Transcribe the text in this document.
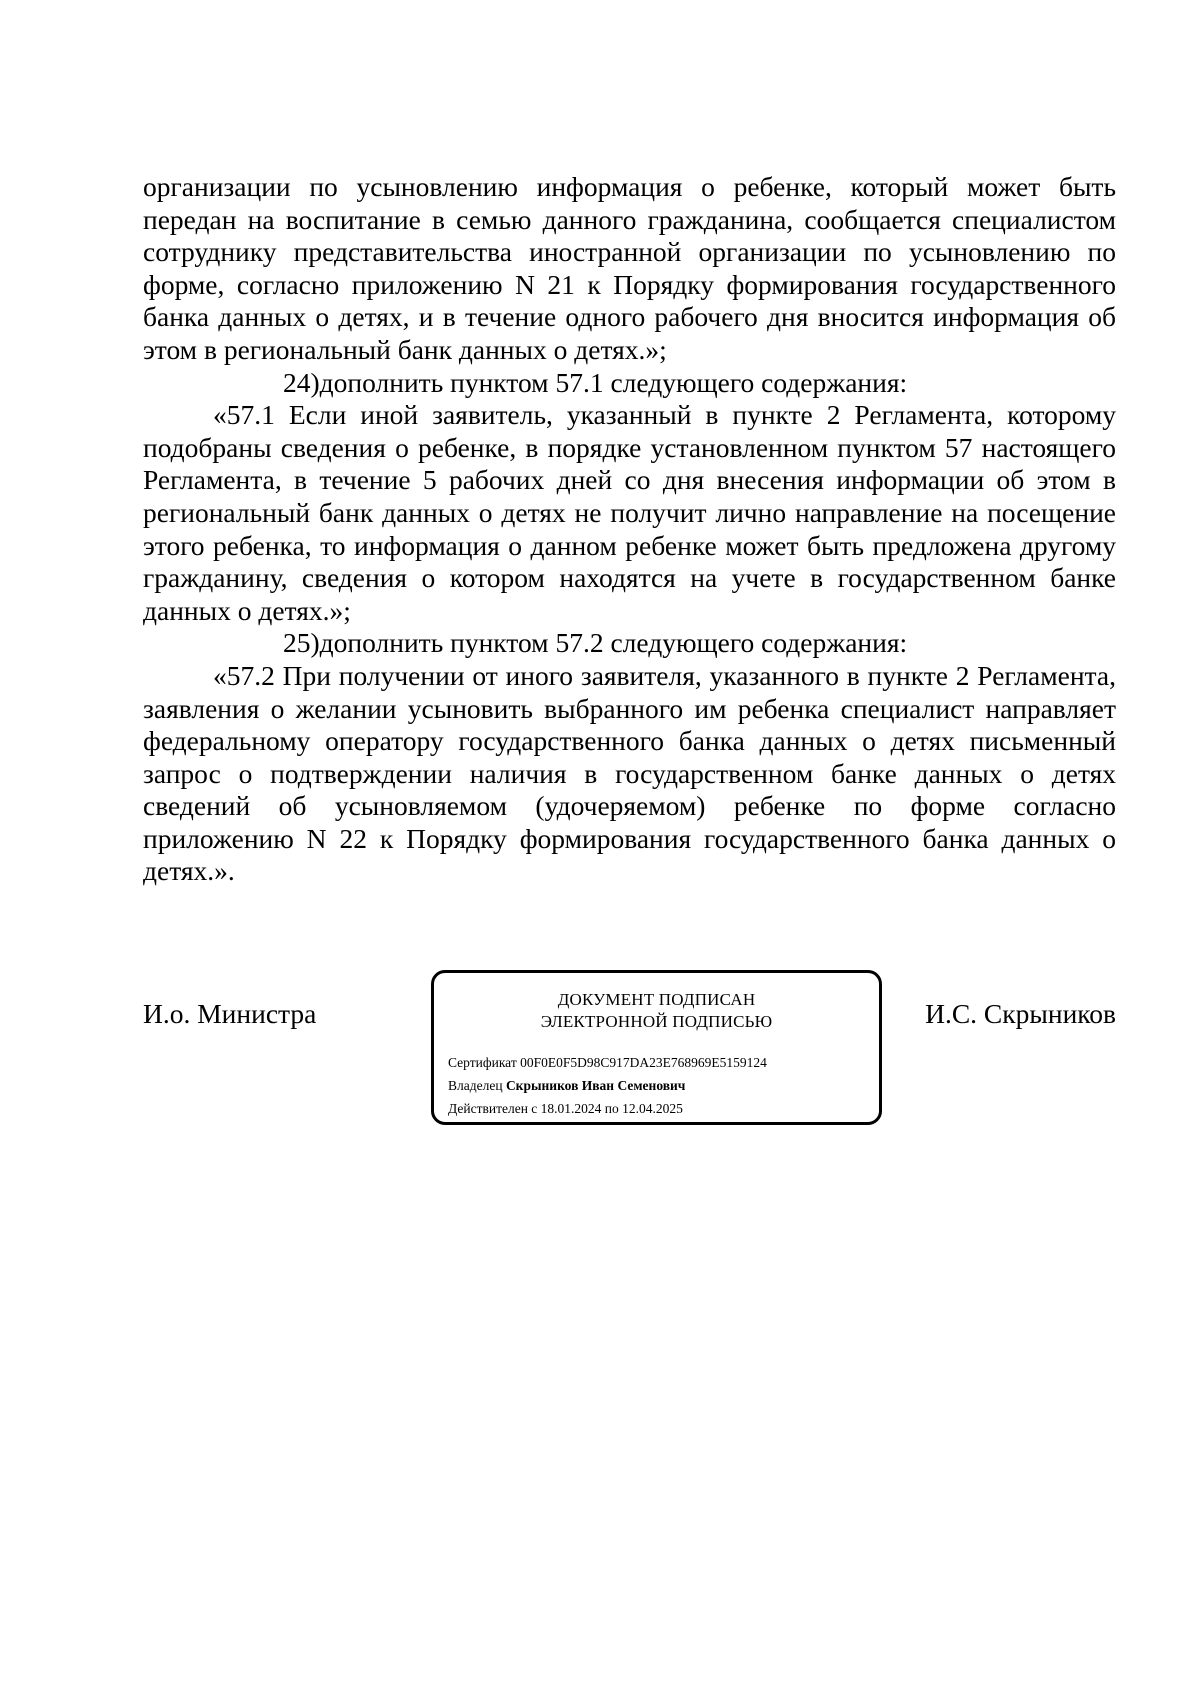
организации по усыновлению информация о ребенке, который может быть передан на воспитание в семью данного гражданина, сообщается специалистом сотруднику представительства иностранной организации по усыновлению по форме, согласно приложению N 21 к Порядку формирования государственного банка данных о детях, и в течение одного рабочего дня вносится информация об этом в региональный банк данных о детях.»;

24)дополнить пунктом 57.1 следующего содержания:

«57.1 Если иной заявитель, указанный в пункте 2 Регламента, которому подобраны сведения о ребенке, в порядке установленном пунктом 57 настоящего Регламента, в течение 5 рабочих дней со дня внесения информации об этом в региональный банк данных о детях не получит лично направление на посещение этого ребенка, то информация о данном ребенке может быть предложена другому гражданину, сведения о котором находятся на учете в государственном банке данных о детях.»;

25)дополнить пунктом 57.2 следующего содержания:

«57.2 При получении от иного заявителя, указанного в пункте 2 Регламента, заявления о желании усыновить выбранного им ребенка специалист направляет федеральному оператору государственного банка данных о детях письменный запрос о подтверждении наличия в государственном банке данных о детях сведений об усыновляемом (удочеряемом) ребенке по форме согласно приложению N 22 к Порядку формирования государственного банка данных о детях.».

И.о. Министра	ДОКУМЕНТ ПОДПИСАН
ЭЛЕКТРОННОЙ ПОДПИСЬЮ
Сертификат 00F0E0F5D98C917DA23E768969E5159124
Владелец Скрыников Иван Семенович
Действителен с 18.01.2024 по 12.04.2025
И.С. Скрыников
